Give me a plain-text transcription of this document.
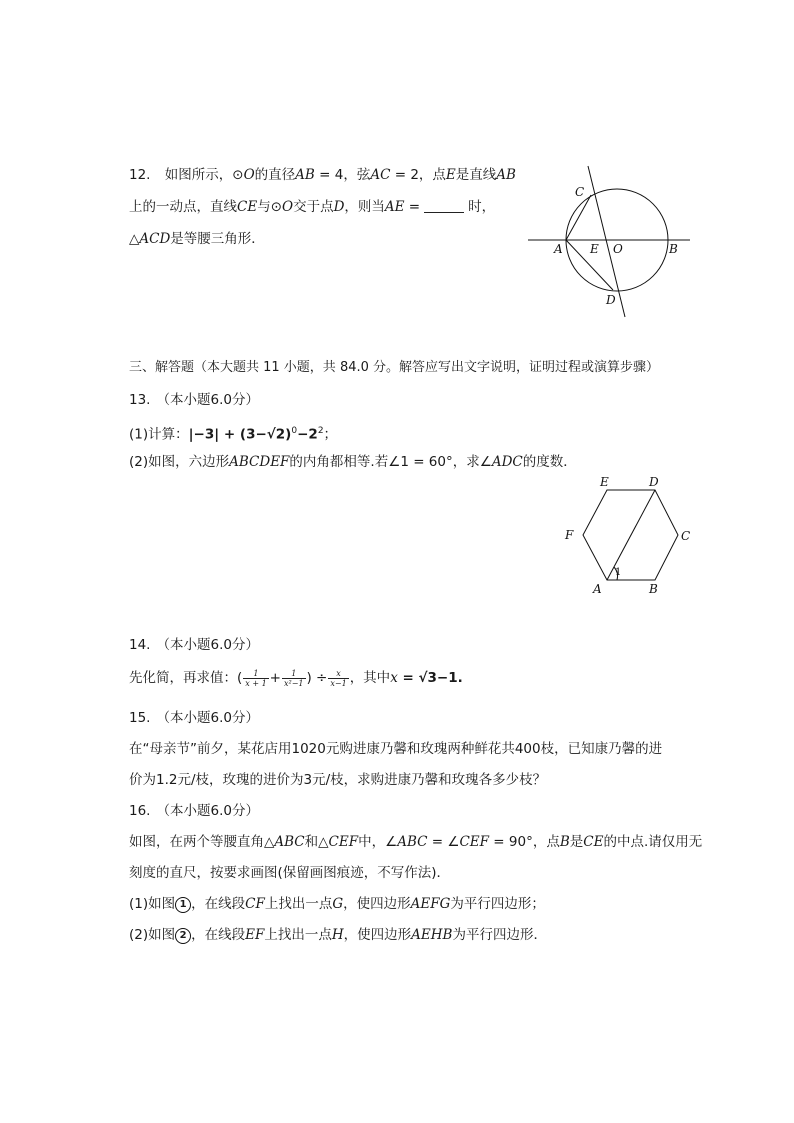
12. 如图所示，⊙O的直径AB = 4，弦AC = 2，点E是直线AB
上的一动点，直线CE与⊙O交于点D，则当AE =	时，
△ACD是等腰三角形．
C
A E O	B
D
三、解答题（本大题共 11 小题，共 84.0 分。解答应写出文字说明，证明过程或演算步骤）
13. （本小题6.0分）
(1)计算：$|-3| + (3-√2)^0-2^2$；
(2)如图，六边形ABCDEF的内角都相等.若∠1 = 60°，求∠ADC的度数．
E	D
F	C
A	B
1
14. （本小题6.0分）
先化简，再求值：( $\frac{1}{x + 1} + \frac{1}{\text{x²−1}}$ ) ÷ $\frac{x}{x-1}$ ，其中x = √3−1.
15. （本小题6.0分）
在“母亲节”前夕，某花店用1020元购进康乃馨和玫瑰两种鲜花共400枝，已知康乃馨的进
价为1.2元/枝，玫瑰的进价为3元/枝，求购进康乃馨和玫瑰各多少枝？
16. （本小题6.0分）
如图，在两个等腰直角△ABC和△CEF中，∠ABC = ∠CEF = 90°，点B是CE的中点.请仅用无
刻度的直尺，按要求画图(保留画图痕迹，不写作法)．
(1)如图 1 ，在线段CF上找出一点G，使四边形AEFG为平行四边形；
(2)如图 2 ，在线段EF上找出一点H，使四边形AEHB为平行四边形．
